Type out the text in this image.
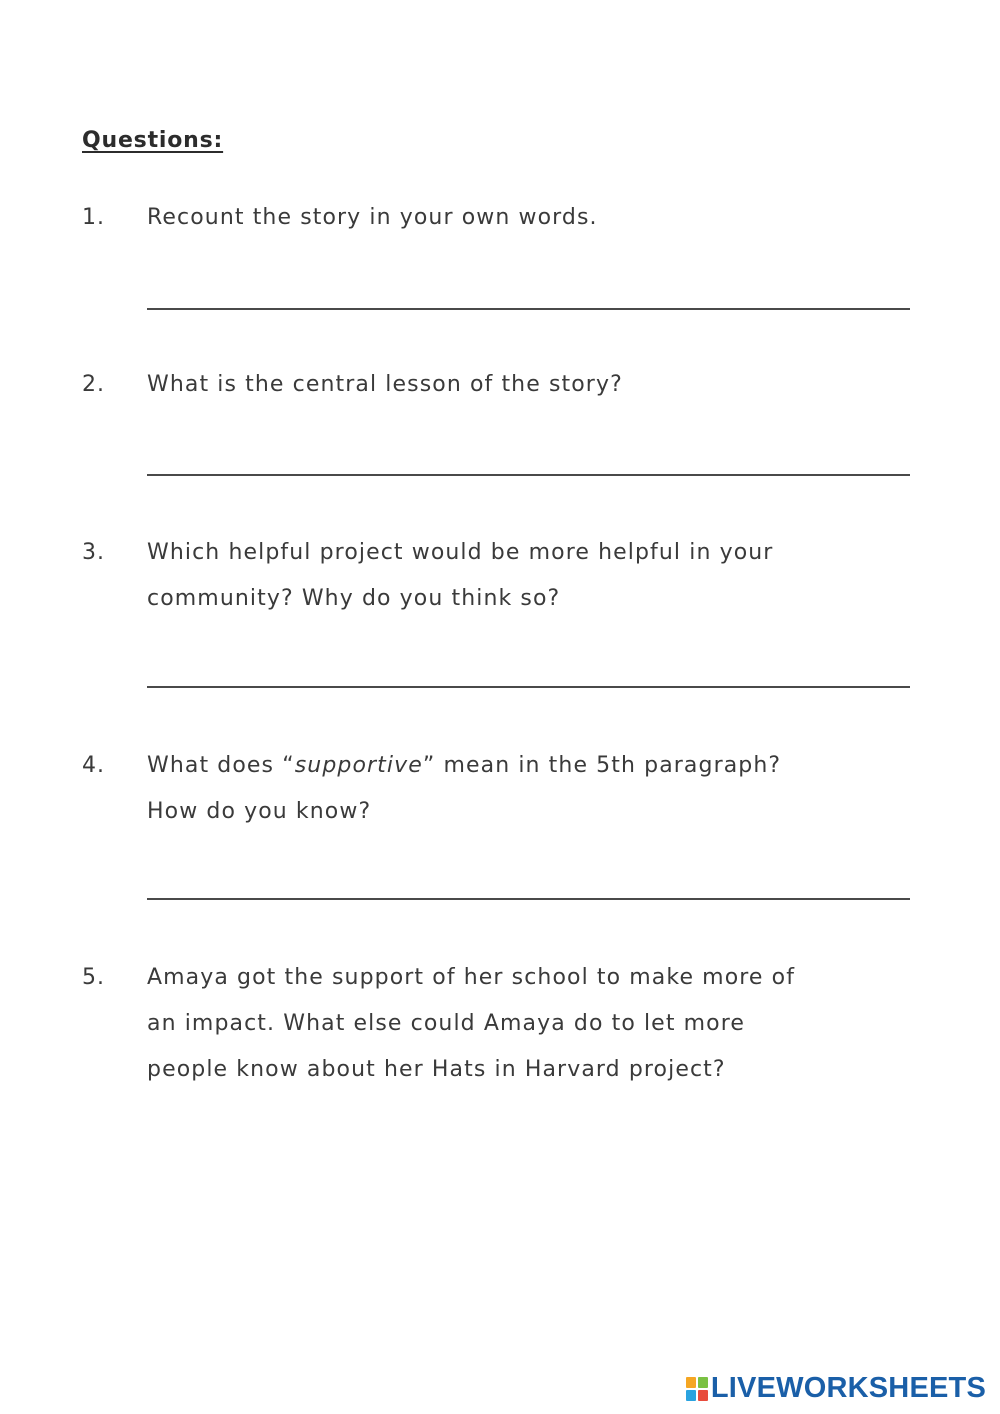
Questions:
1. Recount the story in your own words.
2. What is the central lesson of the story?
3. Which helpful project would be more helpful in your
community? Why do you think so?
4. What does “supportive” mean in the 5th paragraph?
How do you know?
5. Amaya got the support of her school to make more of
an impact. What else could Amaya do to let more
people know about her Hats in Harvard project?
LIVEWORKSHEETS
